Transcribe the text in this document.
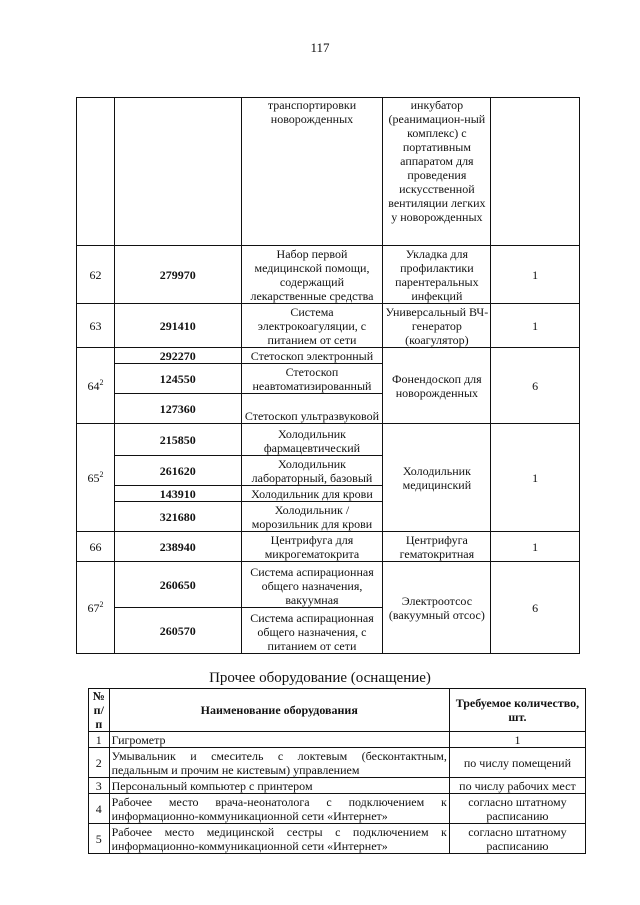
117
		транспортировки новорожденных	инкубатор (реанимацион-ный комплекс) с портативным аппаратом для проведения искусственной вентиляции легких у новорожденных	
62	279970	Набор первой медицинской помощи, содержащий лекарственные средства	Укладка для профилактики парентеральных инфекций	1
63	291410	Система электрокоагуляции, с питанием от сети	Универсальный ВЧ-генератор (коагулятор)	1
$64^2$	292270	Стетоскоп электронный	Фонендоскоп для новорожденных	6
	124550	Стетоскоп неавтоматизированный		
	127360	Стетоскоп ультразвуковой		
$65^2$	215850	Холодильник фармацевтический	Холодильник медицинский	1
	261620	Холодильник лабораторный, базовый		
	143910	Холодильник для крови		
	321680	Холодильник /морозильник для крови		
66	238940	Центрифуга для микрогематокрита	Центрифуга гематокритная	1
$67^2$	260650	Система аспирационная общего назначения, вакуумная	Электроотсос (вакуумный отсос)	6
	260570	Система аспирационная общего назначения, с питанием от сети		
Прочее оборудование (оснащение)
№ п/п	Наименование оборудования	Требуемое количество, шт.
1	Гигрометр	1
2	Умывальник и смеситель с локтевым (бесконтактным, педальным и прочим не кистевым) управлением	по числу помещений
3	Персональный компьютер с принтером	по числу рабочих мест
4	Рабочее место врача-неонатолога с подключением к информационно-коммуникационной сети «Интернет»	согласно штатному расписанию
5	Рабочее место медицинской сестры с подключением к информационно-коммуникационной сети «Интернет»	согласно штатному расписанию
